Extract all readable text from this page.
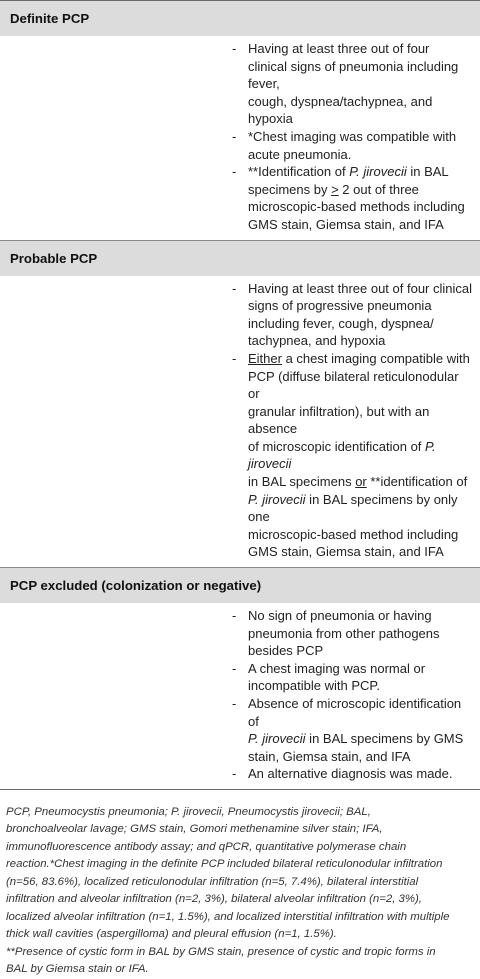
Definite PCP
- Having at least three out of four
clinical signs of pneumonia including fever,
cough, dyspnea/tachypnea, and hypoxia
- *Chest imaging was compatible with
acute pneumonia.
- **Identification of P. jirovecii in BAL
specimens by > 2 out of three
microscopic-based methods including
GMS stain, Giemsa stain, and IFA
Probable PCP
- Having at least three out of four clinical
signs of progressive pneumonia
including fever, cough, dyspnea/
tachypnea, and hypoxia
- Either a chest imaging compatible with
PCP (diffuse bilateral reticulonodular or
granular infiltration), but with an absence
of microscopic identification of P. jirovecii
in BAL specimens or **identification of
P. jirovecii in BAL specimens by only one
microscopic-based method including
GMS stain, Giemsa stain, and IFA
PCP excluded (colonization or negative)
- No sign of pneumonia or having
pneumonia from other pathogens
besides PCP
- A chest imaging was normal or
incompatible with PCP.
- Absence of microscopic identification of
P. jirovecii in BAL specimens by GMS
stain, Giemsa stain, and IFA
- An alternative diagnosis was made.

PCP, Pneumocystis pneumonia; P. jirovecii, Pneumocystis jirovecii; BAL,
bronchoalveolar lavage; GMS stain, Gomori methenamine silver stain; IFA,
immunofluorescence antibody assay; and qPCR, quantitative polymerase chain
reaction.*Chest imaging in the definite PCP included bilateral reticulonodular infiltration
(n=56, 83.6%), localized reticulonodular infiltration (n=5, 7.4%), bilateral interstitial
infiltration and alveolar infiltration (n=2, 3%), bilateral alveolar infiltration (n=2, 3%),
localized alveolar infiltration (n=1, 1.5%), and localized interstitial infiltration with multiple
thick wall cavities (aspergilloma) and pleural effusion (n=1, 1.5%).

**Presence of cystic form in BAL by GMS stain, presence of cystic and tropic forms in
BAL by Giemsa stain or IFA.
